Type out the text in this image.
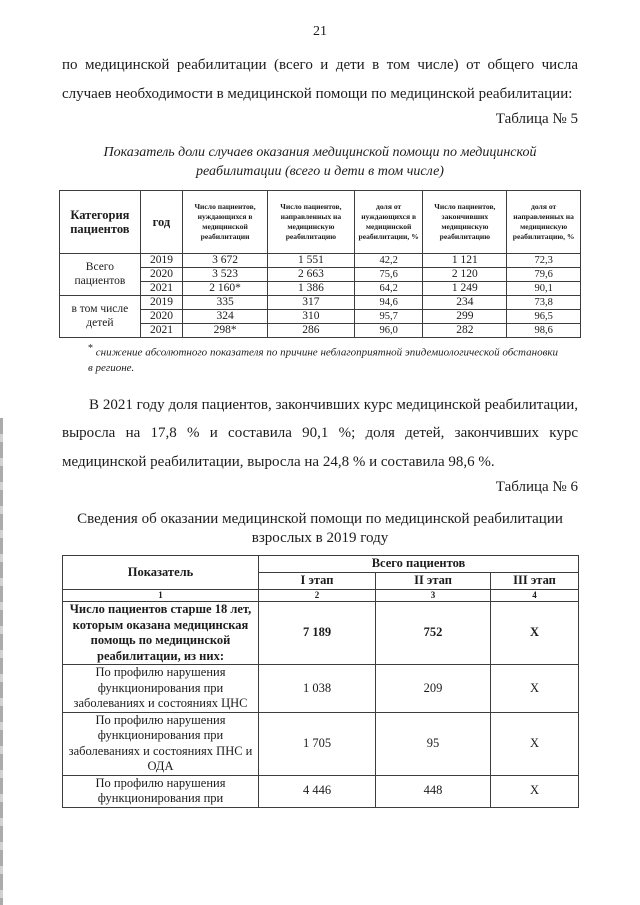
21

по медицинской реабилитации (всего и дети в том числе) от общего числа случаев необходимости в медицинской помощи по медицинской реабилитации:

Таблица № 5
Показатель доли случаев оказания медицинской помощи по медицинской реабилитации (всего и дети в том числе)
Категория пациентов	год	Число пациентов, нуждающихся в медицинской реабилитации	Число пациентов, направленных на медицинскую реабилитацию	доля от нуждающихся в медицинской реабилитации, %	Число пациентов, закончивших медицинскую реабилитацию	доля от направленных на медицинскую реабилитацию, %
Всего пациентов	2019	3 672	1 551	42,2	1 121	72,3
	2020	3 523	2 663	75,6	2 120	79,6
	2021	2 160*	1 386	64,2	1 249	90,1
в том числе детей	2019	335	317	94,6	234	73,8
	2020	324	310	95,7	299	96,5
	2021	298*	286	96,0	282	98,6
* снижение абсолютного показателя по причине неблагоприятной эпидемиологической обстановки в регионе.

В 2021 году доля пациентов, закончивших курс медицинской реабилитации, выросла на 17,8 % и составила 90,1 %; доля детей, закончивших курс медицинской реабилитации, выросла на 24,8 % и составила 98,6 %.

Таблица № 6
Сведения об оказании медицинской помощи по медицинской реабилитации взрослых в 2019 году
Показатель	Всего пациентов		
	I этап	II этап	III этап
1	2	3	4
Число пациентов старше 18 лет, которым оказана медицинская помощь по медицинской реабилитации, из них:	7 189	752	Х
По профилю нарушения функционирования при заболеваниях и состояниях ЦНС	1 038	209	Х
По профилю нарушения функционирования при заболеваниях и состояниях ПНС и ОДА	1 705	95	Х
По профилю нарушения функционирования при	4 446	448	Х
